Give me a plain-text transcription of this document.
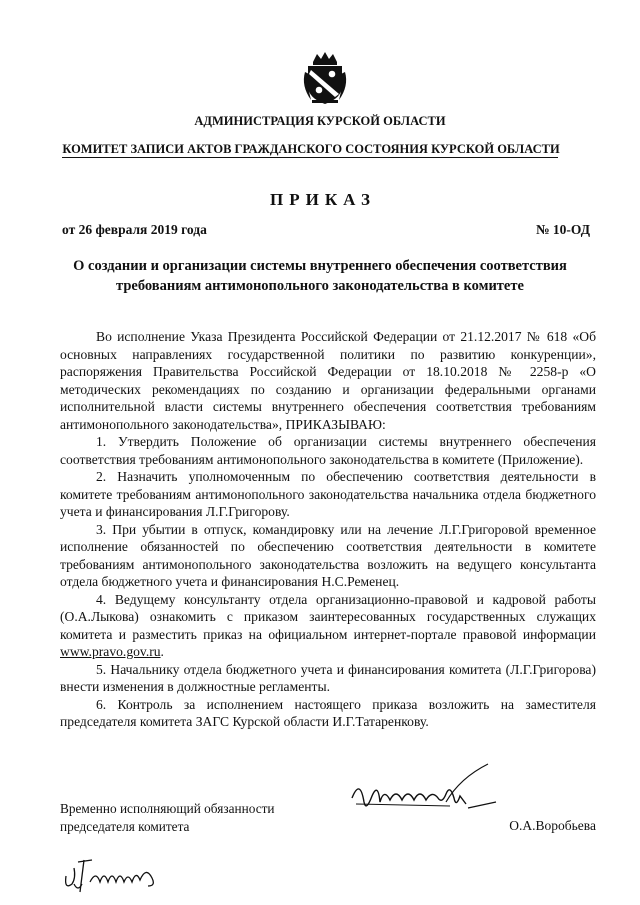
АДМИНИСТРАЦИЯ КУРСКОЙ ОБЛАСТИ
КОМИТЕТ ЗАПИСИ АКТОВ ГРАЖДАНСКОГО СОСТОЯНИЯ КУРСКОЙ ОБЛАСТИ
ПРИКАЗ
от 26 февраля 2019 года	№ 10-ОД
О создании и организации системы внутреннего обеспечения соответствия требованиям антимонопольного законодательства в комитете

Во исполнение Указа Президента Российской Федерации от 21.12.2017 № 618 «Об основных направлениях государственной политики по развитию конкуренции», распоряжения Правительства Российской Федерации от 18.10.2018 № 2258-р «О методических рекомендациях по созданию и организации федеральными органами исполнительной власти системы внутреннего обеспечения соответствия требованиям антимонопольного законодательства», ПРИКАЗЫВАЮ:

1. Утвердить Положение об организации системы внутреннего обеспечения соответствия требованиям антимонопольного законодательства в комитете (Приложение).

2. Назначить уполномоченным по обеспечению соответствия деятельности в комитете требованиям антимонопольного законодательства начальника отдела бюджетного учета и финансирования Л.Г.Григорову.

3. При убытии в отпуск, командировку или на лечение Л.Г.Григоровой временное исполнение обязанностей по обеспечению соответствия деятельности в комитете требованиям антимонопольного законодательства возложить на ведущего консультанта отдела бюджетного учета и финансирования Н.С.Ременец.

4. Ведущему консультанту отдела организационно-правовой и кадровой работы (О.А.Лыкова) ознакомить с приказом заинтересованных государственных служащих комитета и разместить приказ на официальном интернет-портале правовой информации www.pravo.gov.ru.

5. Начальнику отдела бюджетного учета и финансирования комитета (Л.Г.Григорова) внести изменения в должностные регламенты.

6. Контроль за исполнением настоящего приказа возложить на заместителя председателя комитета ЗАГС Курской области И.Г.Татаренкову.

Временно исполняющий обязанности
председателя комитета	О.А.Воробьева
